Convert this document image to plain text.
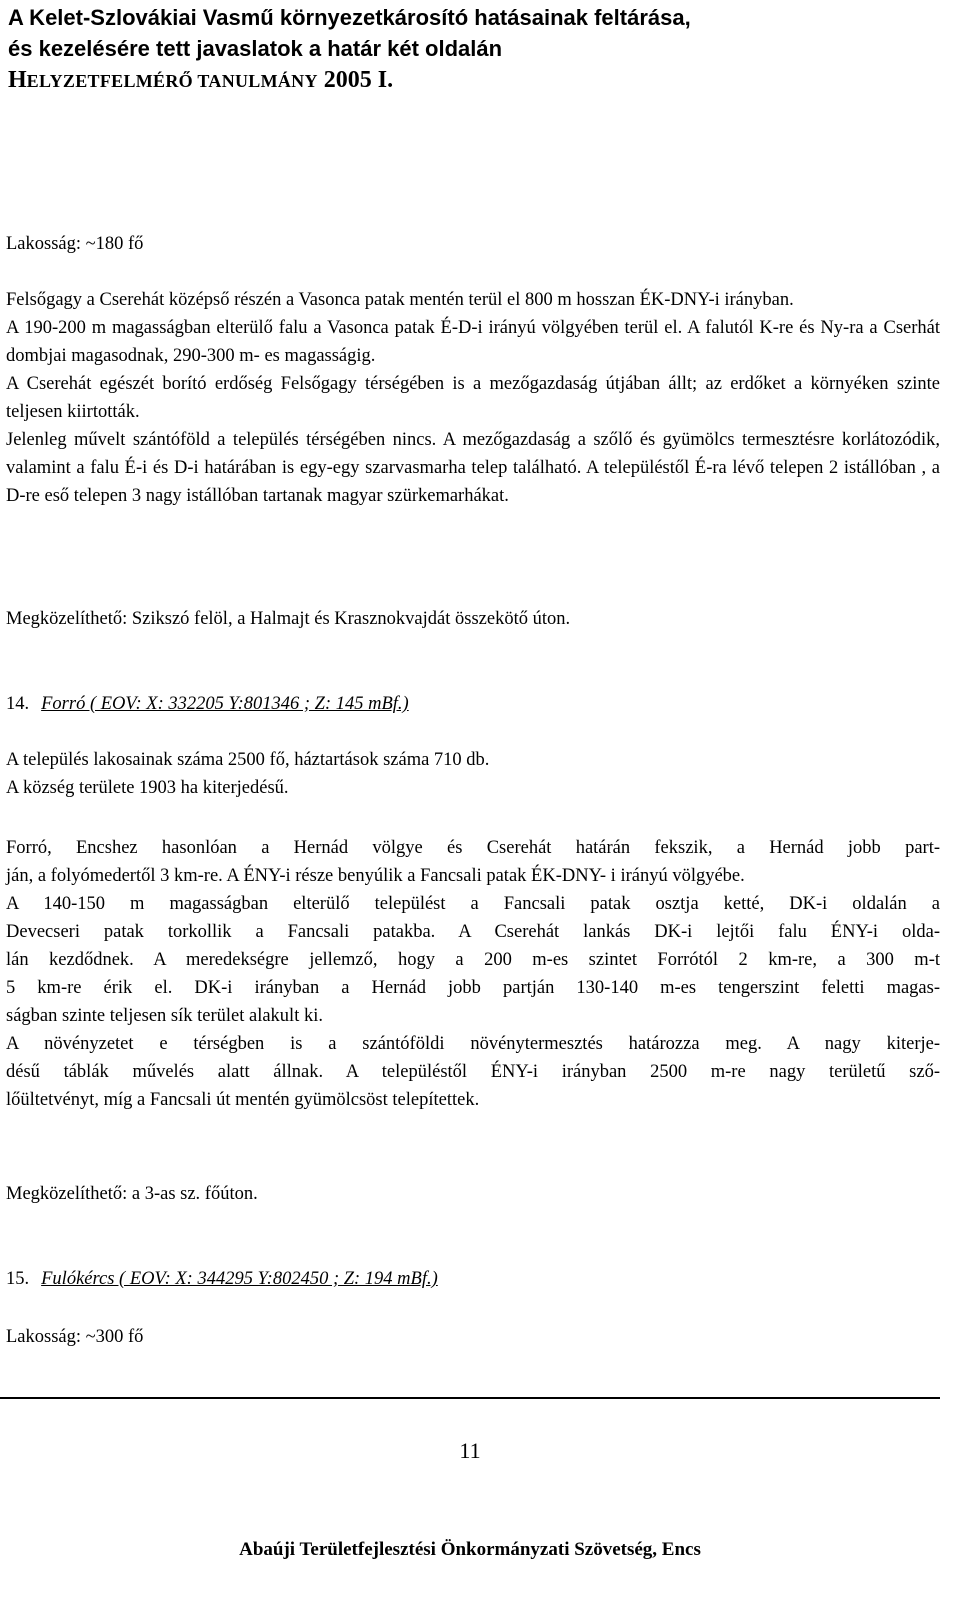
A Kelet-Szlovákiai Vasmű környezetkárosító hatásainak feltárása,
és kezelésére tett javaslatok a határ két oldalán
HELYZETFELMÉRŐ TANULMÁNY 2005 I.

Lakosság: ~180 fő

Felsőgagy a Cserehát középső részén a Vasonca patak mentén terül el 800 m hosszan ÉK-DNY-i irányban.

A 190-200 m magasságban elterülő falu a Vasonca patak É-D-i irányú völgyében terül el. A falutól K-re és Ny-ra a Cserhát dombjai magasodnak, 290-300 m- es magasságig.

A Cserehát egészét borító erdőség Felsőgagy térségében is a mezőgazdaság útjában állt; az erdőket a környéken szinte teljesen kiirtották.

Jelenleg művelt szántóföld a település térségében nincs. A mezőgazdaság a szőlő és gyümölcs termesztésre korlátozódik, valamint a falu É-i és D-i határában is egy-egy szarvasmarha telep található. A településtől É-ra lévő telepen 2 istállóban , a D-re eső telepen 3 nagy istállóban tartanak magyar szürkemarhákat.

Megközelíthető: Szikszó felöl, a Halmajt és Krasznokvajdát összekötő úton.

14. Forró ( EOV: X: 332205 Y:801346 ; Z: 145 mBf.)

A település lakosainak száma 2500 fő, háztartások száma 710 db.

A község területe 1903 ha kiterjedésű.

Forró, Encshez hasonlóan a Hernád völgye és Cserehát határán fekszik, a Hernád jobb part-

ján, a folyómedertől 3 km-re. A ÉNY-i része benyúlik a Fancsali patak ÉK-DNY- i irányú völgyébe.

A 140-150 m magasságban elterülő települést a Fancsali patak osztja ketté, DK-i oldalán a

Devecseri patak torkollik a Fancsali patakba. A Cserehát lankás DK-i lejtői falu ÉNY-i olda-

lán kezdődnek. A meredekségre jellemző, hogy a 200 m-es szintet Forrótól 2 km-re, a 300 m-t

5 km-re érik el. DK-i irányban a Hernád jobb partján 130-140 m-es tengerszint feletti magas-

ságban szinte teljesen sík terület alakult ki.

A növényzetet e térségben is a szántóföldi növénytermesztés határozza meg. A nagy kiterje-

désű táblák művelés alatt állnak. A településtől ÉNY-i irányban 2500 m-re nagy területű sző-

lőültetvényt, míg a Fancsali út mentén gyümölcsöst telepítettek.

Megközelíthető: a 3-as sz. főúton.

15. Fulókércs ( EOV: X: 344295 Y:802450 ; Z: 194 mBf.)

Lakosság: ~300 fő

11
Abaúji Területfejlesztési Önkormányzati Szövetség, Encs
